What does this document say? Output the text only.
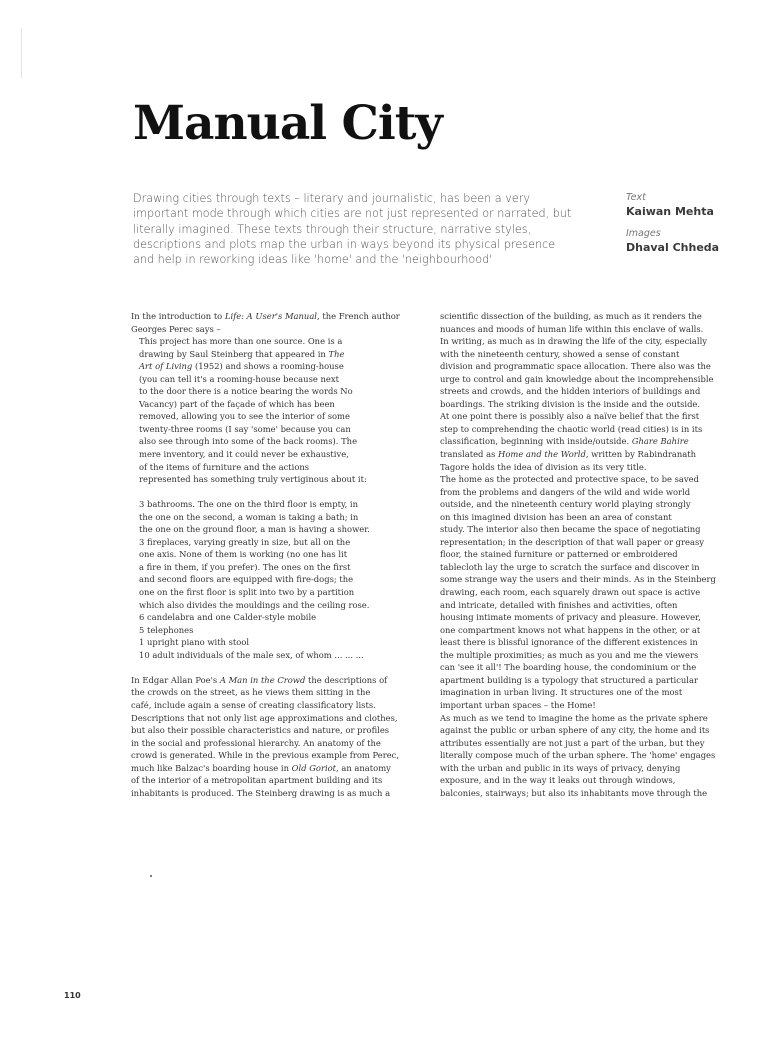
Manual City

Drawing cities through texts – literary and journalistic, has been a very important mode through which cities are not just represented or narrated, but literally imagined. These texts through their structure, narrative styles, descriptions and plots map the urban in ways beyond its physical presence and help in reworking ideas like 'home' and the 'neighbourhood'

Text
Kaiwan Mehta
Images
Dhaval Chheda
In the introduction to Life: A User's Manual, the French author
Georges Perec says –
This project has more than one source. One is a
drawing by Saul Steinberg that appeared in The
Art of Living (1952) and shows a rooming-house
(you can tell it's a rooming-house because next
to the door there is a notice bearing the words No
Vacancy) part of the façade of which has been
removed, allowing you to see the interior of some
twenty-three rooms (I say 'some' because you can
also see through into some of the back rooms). The
mere inventory, and it could never be exhaustive,
of the items of furniture and the actions
represented has something truly vertiginous about it:
3 bathrooms. The one on the third floor is empty, in
the one on the second, a woman is taking a bath; in
the one on the ground floor, a man is having a shower.
3 fireplaces, varying greatly in size, but all on the
one axis. None of them is working (no one has lit
a fire in them, if you prefer). The ones on the first
and second floors are equipped with fire-dogs; the
one on the first floor is split into two by a partition
which also divides the mouldings and the ceiling rose.
6 candelabra and one Calder-style mobile
5 telephones
1 upright piano with stool
10 adult individuals of the male sex, of whom ... ... ...
In Edgar Allan Poe's A Man in the Crowd the descriptions of
the crowds on the street, as he views them sitting in the
café, include again a sense of creating classificatory lists.
Descriptions that not only list age approximations and clothes,
but also their possible characteristics and nature, or profiles
in the social and professional hierarchy. An anatomy of the
crowd is generated. While in the previous example from Perec,
much like Balzac's boarding house in Old Goriot, an anatomy
of the interior of a metropolitan apartment building and its
inhabitants is produced. The Steinberg drawing is as much a
scientific dissection of the building, as much as it renders the
nuances and moods of human life within this enclave of walls.
In writing, as much as in drawing the life of the city, especially
with the nineteenth century, showed a sense of constant
division and programmatic space allocation. There also was the
urge to control and gain knowledge about the incomprehensible
streets and crowds, and the hidden interiors of buildings and
boardings. The striking division is the inside and the outside.
At one point there is possibly also a naïve belief that the first
step to comprehending the chaotic world (read cities) is in its
classification, beginning with inside/outside. Ghare Bahire
translated as Home and the World, written by Rabindranath
Tagore holds the idea of division as its very title.
The home as the protected and protective space, to be saved
from the problems and dangers of the wild and wide world
outside, and the nineteenth century world playing strongly
on this imagined division has been an area of constant
study. The interior also then became the space of negotiating
representation; in the description of that wall paper or greasy
floor, the stained furniture or patterned or embroidered
tablecloth lay the urge to scratch the surface and discover in
some strange way the users and their minds. As in the Steinberg
drawing, each room, each squarely drawn out space is active
and intricate, detailed with finishes and activities, often
housing intimate moments of privacy and pleasure. However,
one compartment knows not what happens in the other, or at
least there is blissful ignorance of the different existences in
the multiple proximities; as much as you and me the viewers
can 'see it all'! The boarding house, the condominium or the
apartment building is a typology that structured a particular
imagination in urban living. It structures one of the most
important urban spaces – the Home!
As much as we tend to imagine the home as the private sphere
against the public or urban sphere of any city, the home and its
attributes essentially are not just a part of the urban, but they
literally compose much of the urban sphere. The 'home' engages
with the urban and public in its ways of privacy, denying
exposure, and in the way it leaks out through windows,
balconies, stairways; but also its inhabitants move through the
110
